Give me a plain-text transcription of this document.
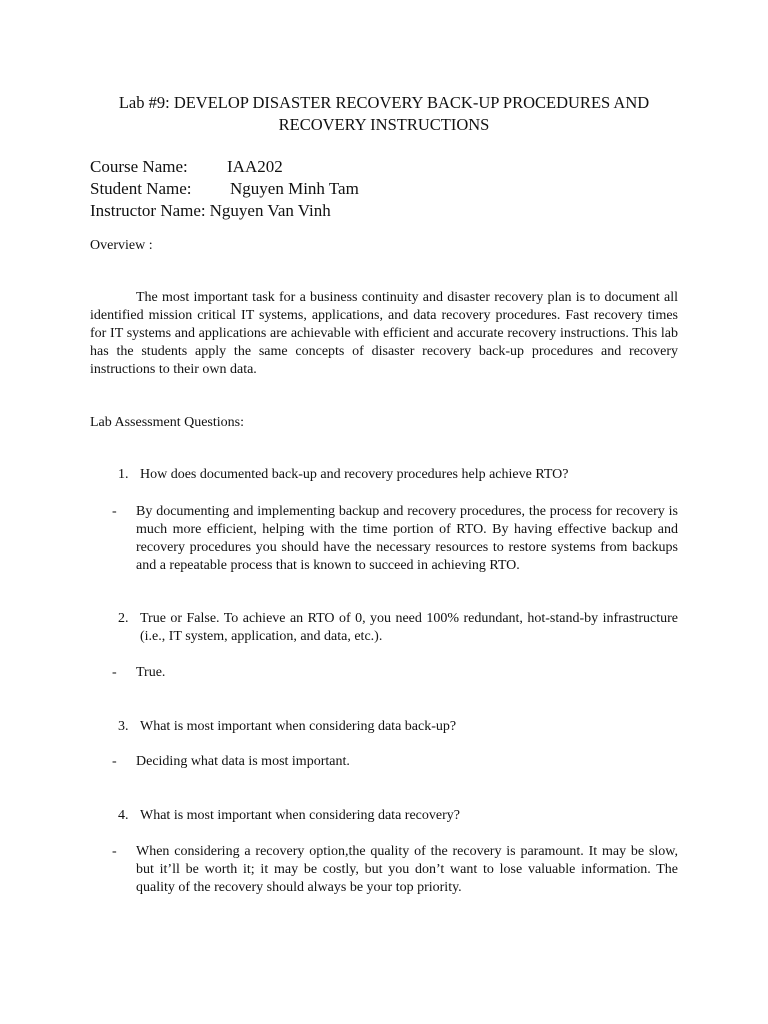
Lab #9: DEVELOP DISASTER RECOVERY BACK-UP PROCEDURES AND RECOVERY INSTRUCTIONS
Course Name: IAA202
Student Name: Nguyen Minh Tam
Instructor Name: Nguyen Van Vinh
Overview :
The most important task for a business continuity and disaster recovery plan is to document all identified mission critical IT systems, applications, and data recovery procedures. Fast recovery times for IT systems and applications are achievable with efficient and accurate recovery instructions. This lab has the students apply the same concepts of disaster recovery back-up procedures and recovery instructions to their own data.
Lab Assessment Questions:
1. How does documented back-up and recovery procedures help achieve RTO?
- By documenting and implementing backup and recovery procedures, the process for recovery is much more efficient, helping with the time portion of RTO. By having effective backup and recovery procedures you should have the necessary resources to restore systems from backups and a repeatable process that is known to succeed in achieving RTO.
2. True or False. To achieve an RTO of 0, you need 100% redundant, hot-stand-by infrastructure (i.e., IT system, application, and data, etc.).
- True.
3. What is most important when considering data back-up?
- Deciding what data is most important.
4. What is most important when considering data recovery?
- When considering a recovery option,the quality of the recovery is paramount. It may be slow, but it’ll be worth it; it may be costly, but you don’t want to lose valuable information. The quality of the recovery should always be your top priority.
